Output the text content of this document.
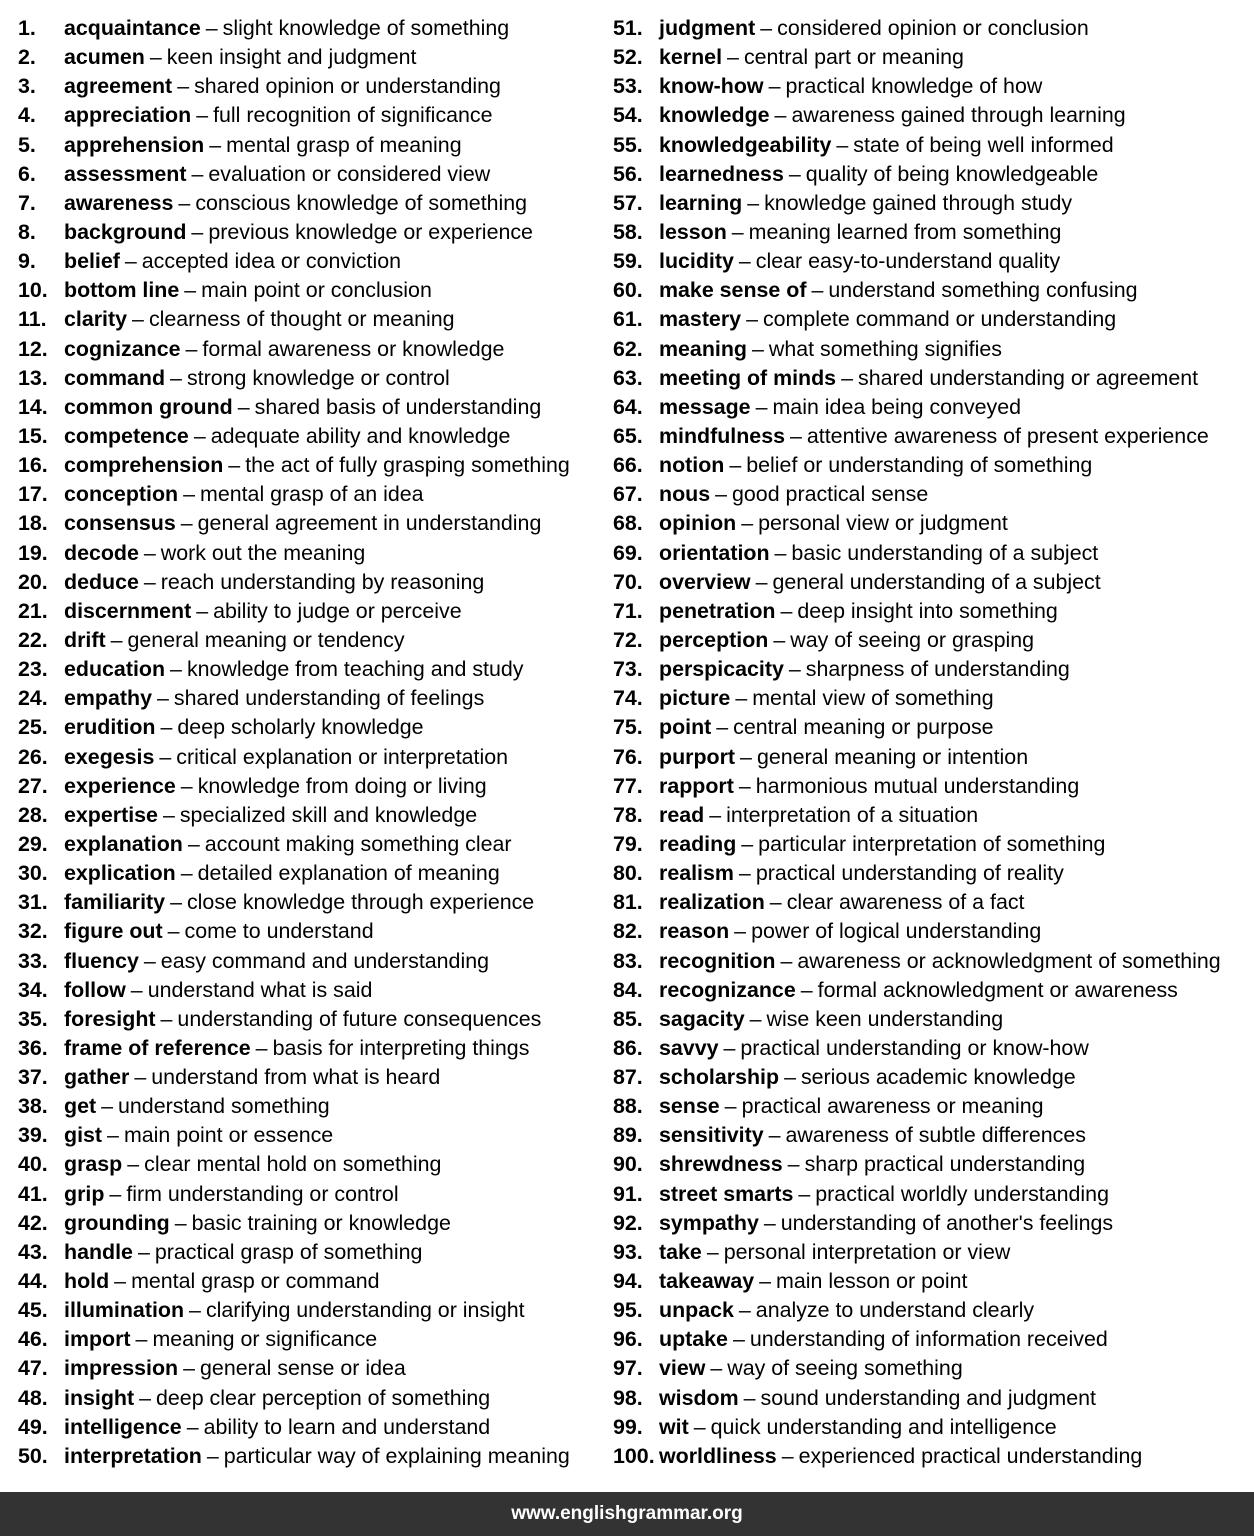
1.	acquaintance – slight knowledge of something
2.	acumen – keen insight and judgment
3.	agreement – shared opinion or understanding
4.	appreciation – full recognition of significance
5.	apprehension – mental grasp of meaning
6.	assessment – evaluation or considered view
7.	awareness – conscious knowledge of something
8.	background – previous knowledge or experience
9.	belief – accepted idea or conviction
10. bottom line – main point or conclusion
11. clarity – clearness of thought or meaning
12. cognizance – formal awareness or knowledge
13. command – strong knowledge or control
14. common ground – shared basis of understanding
15. competence – adequate ability and knowledge
16. comprehension – the act of fully grasping something
17. conception – mental grasp of an idea
18. consensus – general agreement in understanding
19. decode – work out the meaning
20. deduce – reach understanding by reasoning
21. discernment – ability to judge or perceive
22. drift – general meaning or tendency
23. education – knowledge from teaching and study
24. empathy – shared understanding of feelings
25. erudition – deep scholarly knowledge
26. exegesis – critical explanation or interpretation
27. experience – knowledge from doing or living
28. expertise – specialized skill and knowledge
29. explanation – account making something clear
30. explication – detailed explanation of meaning
31. familiarity – close knowledge through experience
32. figure out – come to understand
33. fluency – easy command and understanding
34. follow – understand what is said
35. foresight – understanding of future consequences
36. frame of reference – basis for interpreting things
37. gather – understand from what is heard
38. get – understand something
39. gist – main point or essence
40. grasp – clear mental hold on something
41. grip – firm understanding or control
42. grounding – basic training or knowledge
43. handle – practical grasp of something
44. hold – mental grasp or command
45. illumination – clarifying understanding or insight
46. import – meaning or significance
47. impression – general sense or idea
48. insight – deep clear perception of something
49. intelligence – ability to learn and understand
50. interpretation – particular way of explaining meaning
51. judgment – considered opinion or conclusion
52. kernel – central part or meaning
53. know-how – practical knowledge of how
54. knowledge – awareness gained through learning
55. knowledgeability – state of being well informed
56. learnedness – quality of being knowledgeable
57. learning – knowledge gained through study
58. lesson – meaning learned from something
59. lucidity – clear easy-to-understand quality
60. make sense of – understand something confusing
61. mastery – complete command or understanding
62. meaning – what something signifies
63. meeting of minds – shared understanding or agreement
64. message – main idea being conveyed
65. mindfulness – attentive awareness of present experience
66. notion – belief or understanding of something
67. nous – good practical sense
68. opinion – personal view or judgment
69. orientation – basic understanding of a subject
70. overview – general understanding of a subject
71. penetration – deep insight into something
72. perception – way of seeing or grasping
73. perspicacity – sharpness of understanding
74. picture – mental view of something
75. point – central meaning or purpose
76. purport – general meaning or intention
77. rapport – harmonious mutual understanding
78. read – interpretation of a situation
79. reading – particular interpretation of something
80. realism – practical understanding of reality
81. realization – clear awareness of a fact
82. reason – power of logical understanding
83. recognition – awareness or acknowledgment of something
84. recognizance – formal acknowledgment or awareness
85. sagacity – wise keen understanding
86. savvy – practical understanding or know-how
87. scholarship – serious academic knowledge
88. sense – practical awareness or meaning
89. sensitivity – awareness of subtle differences
90. shrewdness – sharp practical understanding
91. street smarts – practical worldly understanding
92. sympathy – understanding of another's feelings
93. take – personal interpretation or view
94. takeaway – main lesson or point
95. unpack – analyze to understand clearly
96. uptake – understanding of information received
97. view – way of seeing something
98. wisdom – sound understanding and judgment
99. wit – quick understanding and intelligence
100. worldliness – experienced practical understanding
www.englishgrammar.org
